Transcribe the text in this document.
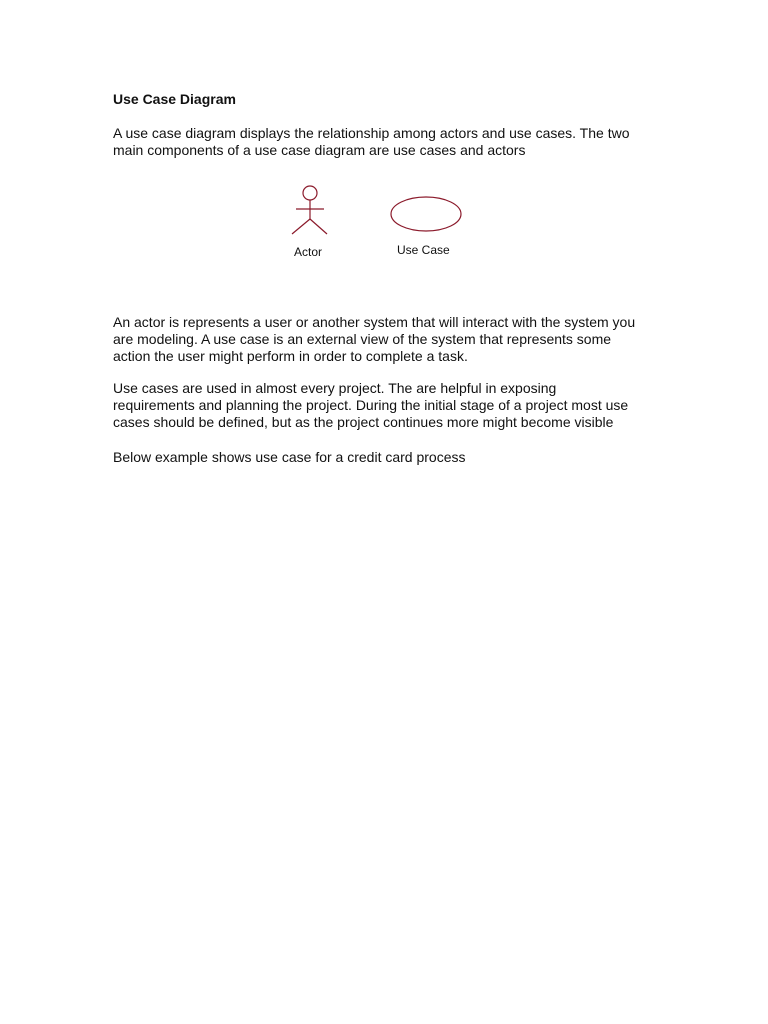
Use Case Diagram

A use case diagram displays the relationship among actors and use cases. The two
main components of a use case diagram are use cases and actors

Actor	Use Case

An actor is represents a user or another system that will interact with the system you
are modeling. A use case is an external view of the system that represents some
action the user might perform in order to complete a task.

Use cases are used in almost every project. The are helpful in exposing
requirements and planning the project. During the initial stage of a project most use
cases should be defined, but as the project continues more might become visible

Below example shows use case for a credit card process
